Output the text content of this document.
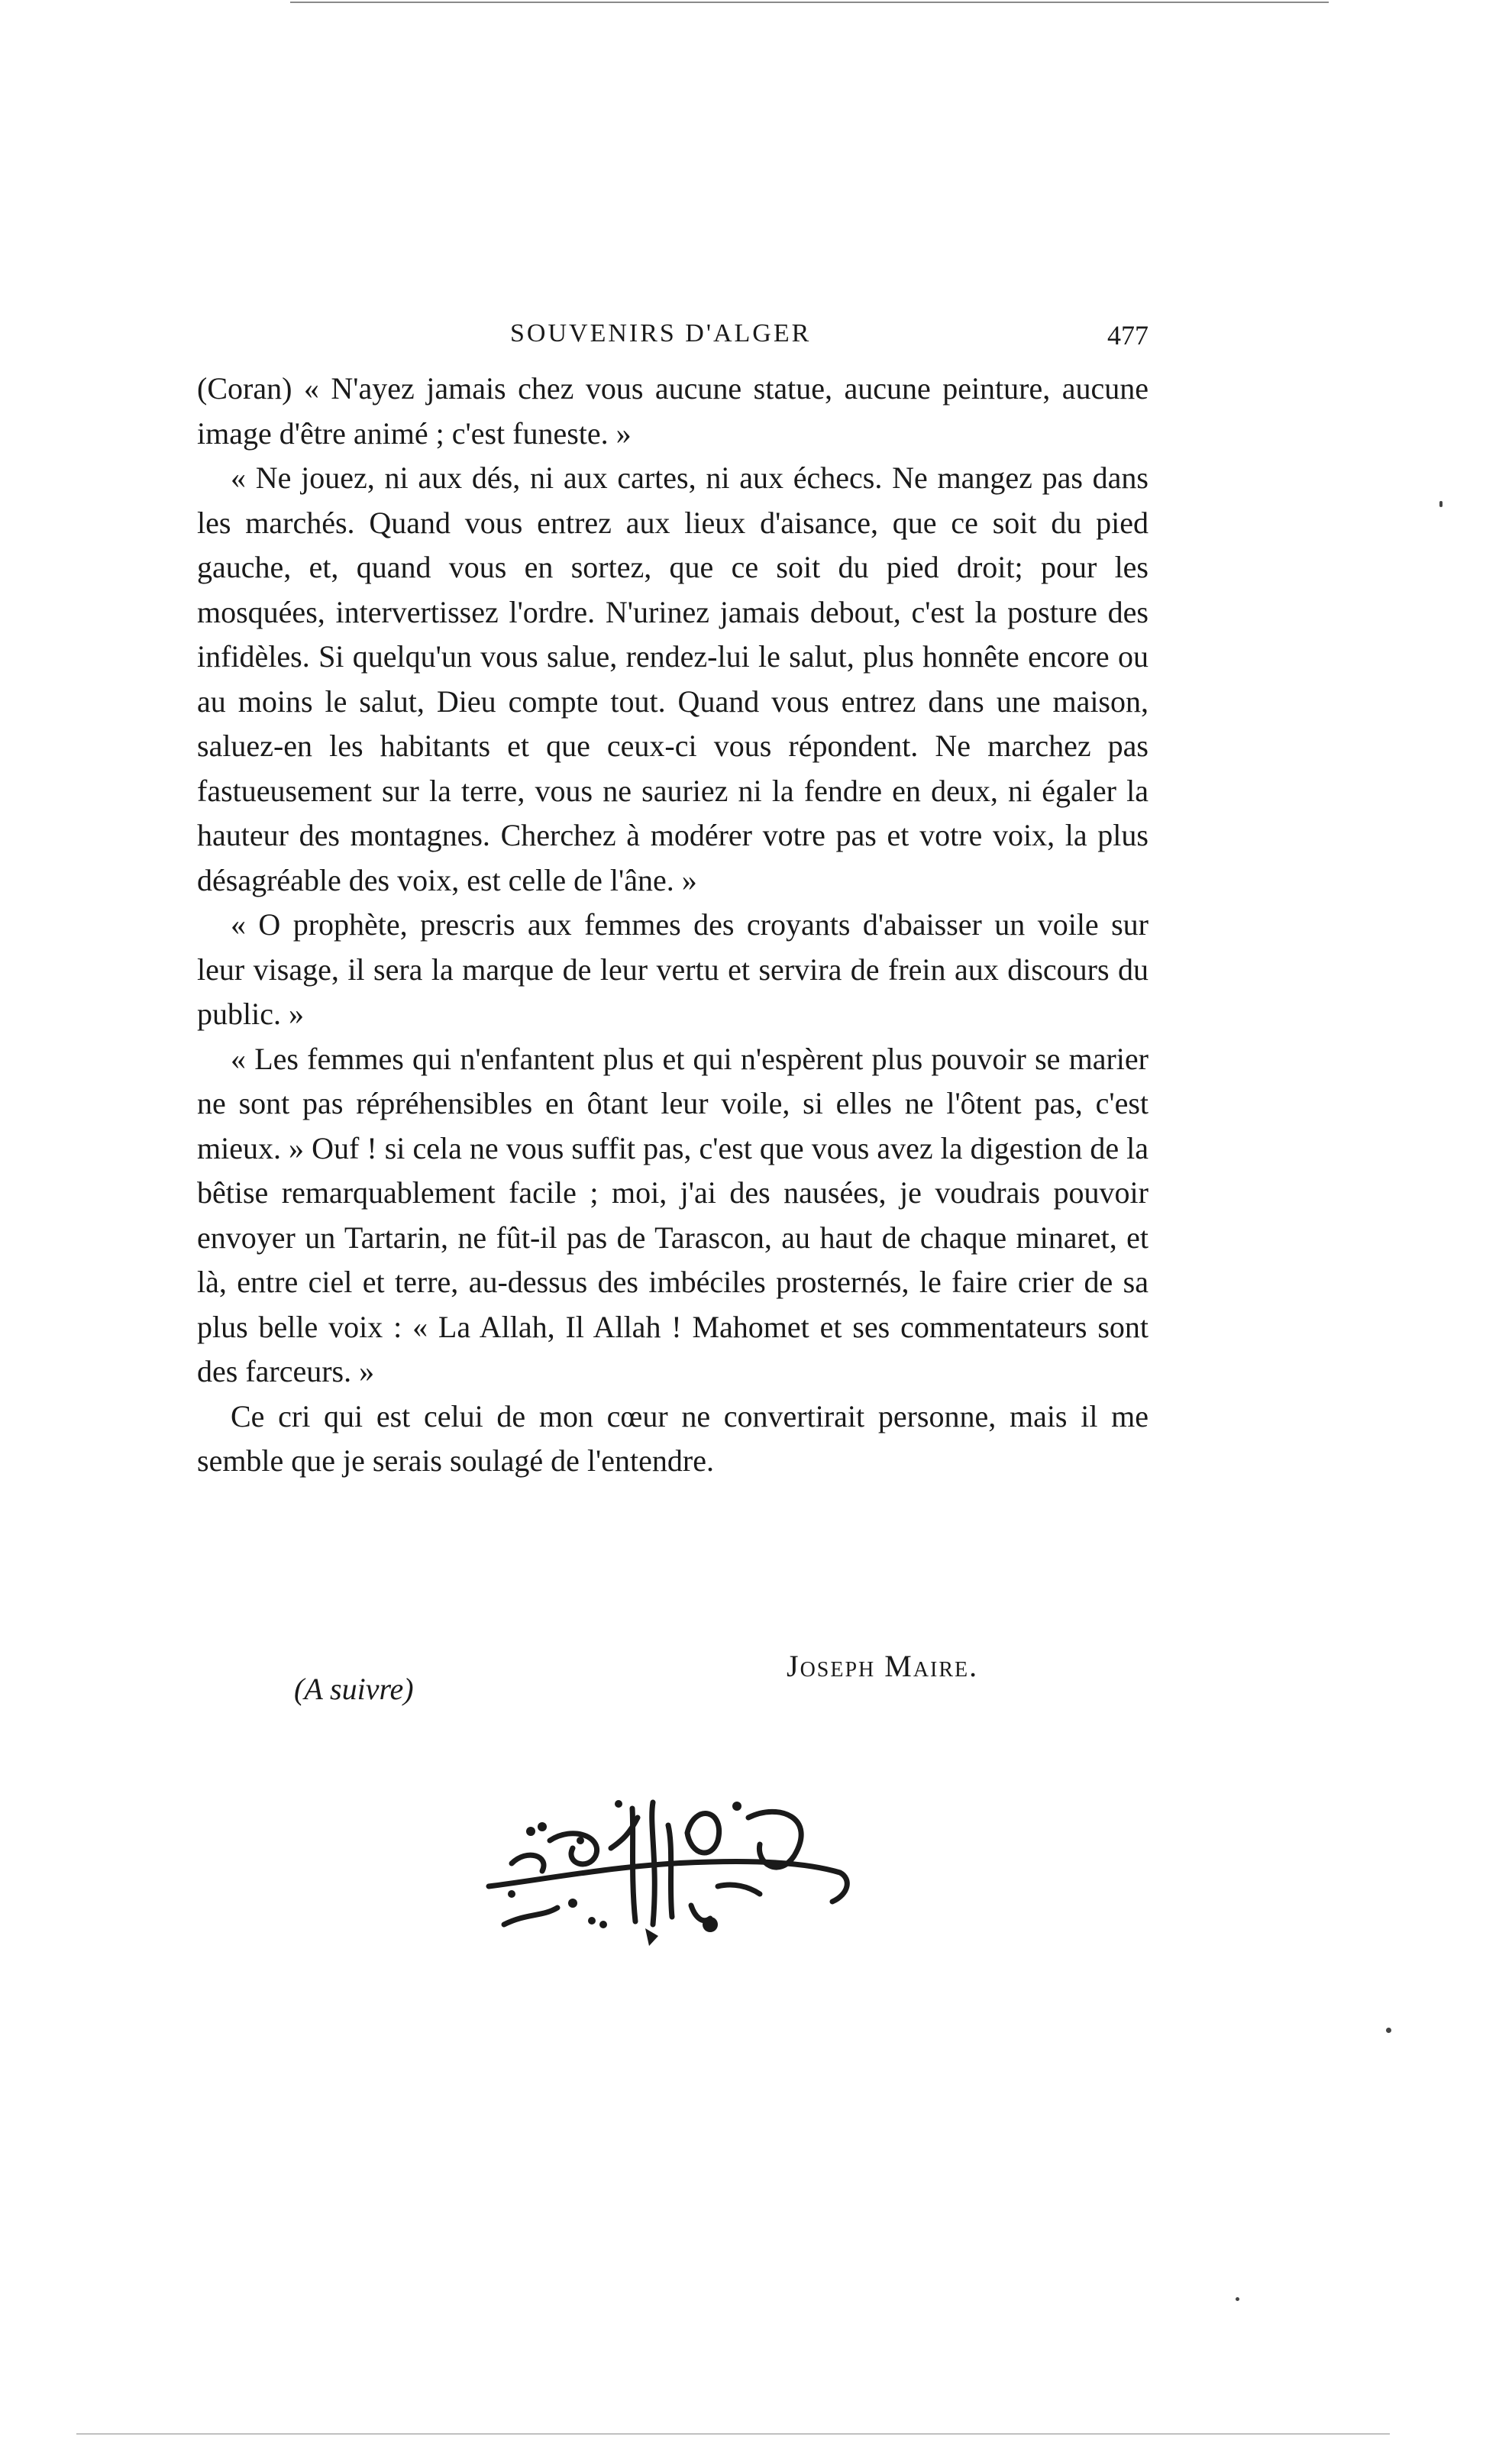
SOUVENIRS D'ALGER	477

(Coran) « N'ayez jamais chez vous aucune statue, aucune peinture, aucune image d'être animé ; c'est funeste. »

« Ne jouez, ni aux dés, ni aux cartes, ni aux échecs. Ne mangez pas dans les marchés. Quand vous entrez aux lieux d'aisance, que ce soit du pied gauche, et, quand vous en sortez, que ce soit du pied droit; pour les mosquées, intervertissez l'ordre. N'urinez jamais debout, c'est la posture des infidèles. Si quelqu'un vous salue, rendez-lui le salut, plus honnête encore ou au moins le salut, Dieu compte tout. Quand vous entrez dans une maison, saluez-en les habitants et que ceux-ci vous répondent. Ne marchez pas fastueusement sur la terre, vous ne sauriez ni la fendre en deux, ni égaler la hauteur des montagnes. Cherchez à modérer votre pas et votre voix, la plus désagréable des voix, est celle de l'âne. »

« O prophète, prescris aux femmes des croyants d'abaisser un voile sur leur visage, il sera la marque de leur vertu et servira de frein aux discours du public. »

« Les femmes qui n'enfantent plus et qui n'espèrent plus pouvoir se marier ne sont pas répréhensibles en ôtant leur voile, si elles ne l'ôtent pas, c'est mieux. » Ouf ! si cela ne vous suffit pas, c'est que vous avez la digestion de la bêtise remarquablement facile ; moi, j'ai des nausées, je voudrais pouvoir envoyer un Tartarin, ne fût-il pas de Tarascon, au haut de chaque minaret, et là, entre ciel et terre, au-dessus des imbéciles prosternés, le faire crier de sa plus belle voix : « La Allah, Il Allah ! Mahomet et ses commentateurs sont des farceurs. »

Ce cri qui est celui de mon cœur ne convertirait personne, mais il me semble que je serais soulagé de l'entendre.

Joseph Maire.
(A suivre)
